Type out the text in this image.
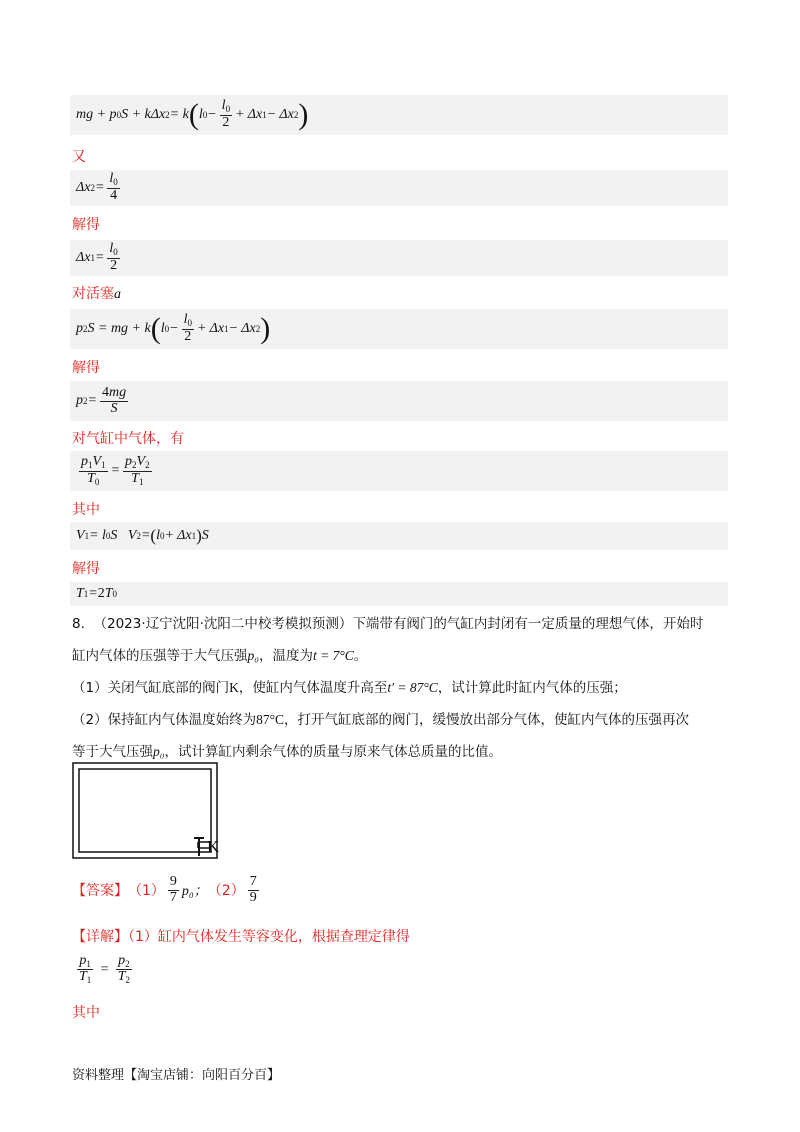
mg + p 0 S + kΔx 2 = k ( l $0 - \frac{l_0}{2} + \Delta x$ 1 − Δx 2 )
又
Δx $2 = \frac{l_0}{4}$
解得
Δx $1 = \frac{l_0}{2}$
对活塞a
p 2 S = mg + k ( l $0 - \frac{l_0}{2} + \Delta x$ 1 − Δx 2 )
解得
p $2 = \frac{4mg}{S}$
对气缸中气体，有
$\frac{p_1V_1}{T_0} = \frac{p_2V_2}{T_1}$
其中
V 1 = l 0 S   V 2 = ( l 0 + Δx 1 ) S
解得
T 1 = 2 T 0
8. （2023·辽宁沈阳·沈阳二中校考模拟预测）下端带有阀门的气缸内封闭有一定质量的理想气体，开始时
缸内气体的压强等于大气压强p₀，温度为t = 7°C。
（1）关闭气缸底部的阀门K，使缸内气体温度升高至t′ = 87°C，试计算此时缸内气体的压强；
（2）保持缸内气体温度始终为87°C，打开气缸底部的阀门，缓慢放出部分气体，使缸内气体的压强再次
等于大气压强p₀，试计算缸内剩余气体的质量与原来气体总质量的比值。
K
【答案】 $(1) \frac{9}{7} p_0$； $(2) \frac{7}{9}$
【详解】（1）缸内气体发生等容变化，根据查理定律得
$\frac{p_1}{T_1} = \frac{p_2}{T_2}$
其中
资料整理【淘宝店铺：向阳百分百】
